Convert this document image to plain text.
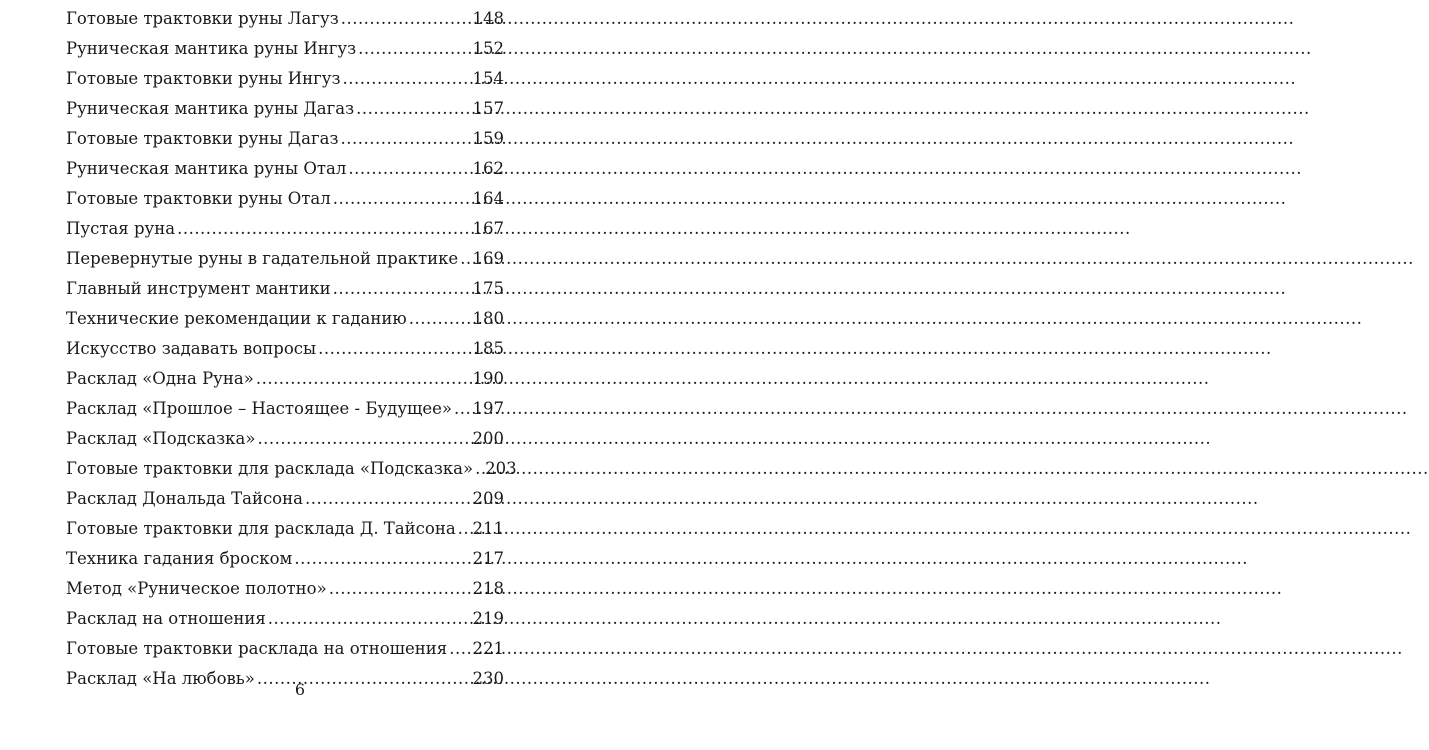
Готовые трактовки руны Лагуз .....	148
Руническая мантика руны Ингуз .....	152
Готовые трактовки руны Ингуз .....	154
Руническая мантика руны Дагаз .....	157
Готовые трактовки руны Дагаз .....	159
Руническая мантика руны Отал .....	162
Готовые трактовки руны Отал .....	164
Пустая руна .....	167
Перевернутые руны в гадательной практике ..... 169
Главный инструмент мантики .....	175
Технические рекомендации к гаданию .....	180
Искусство задавать вопросы .....	185
Расклад «Одна Руна» .....	190
Расклад «Прошлое – Настоящее - Будущее» ..... 197
Расклад «Подсказка» .....	200
Готовые трактовки для расклада «Подсказка» ..... 203
Расклад Дональда Тайсона .....	209
Готовые трактовки для расклада Д. Тайсона ..... 211
Техника гадания броском .....	217
Метод «Руническое полотно» .....	218
Расклад на отношения .....	219
Готовые трактовки расклада на отношения ..... 221
Расклад «На любовь» .....	230
6
